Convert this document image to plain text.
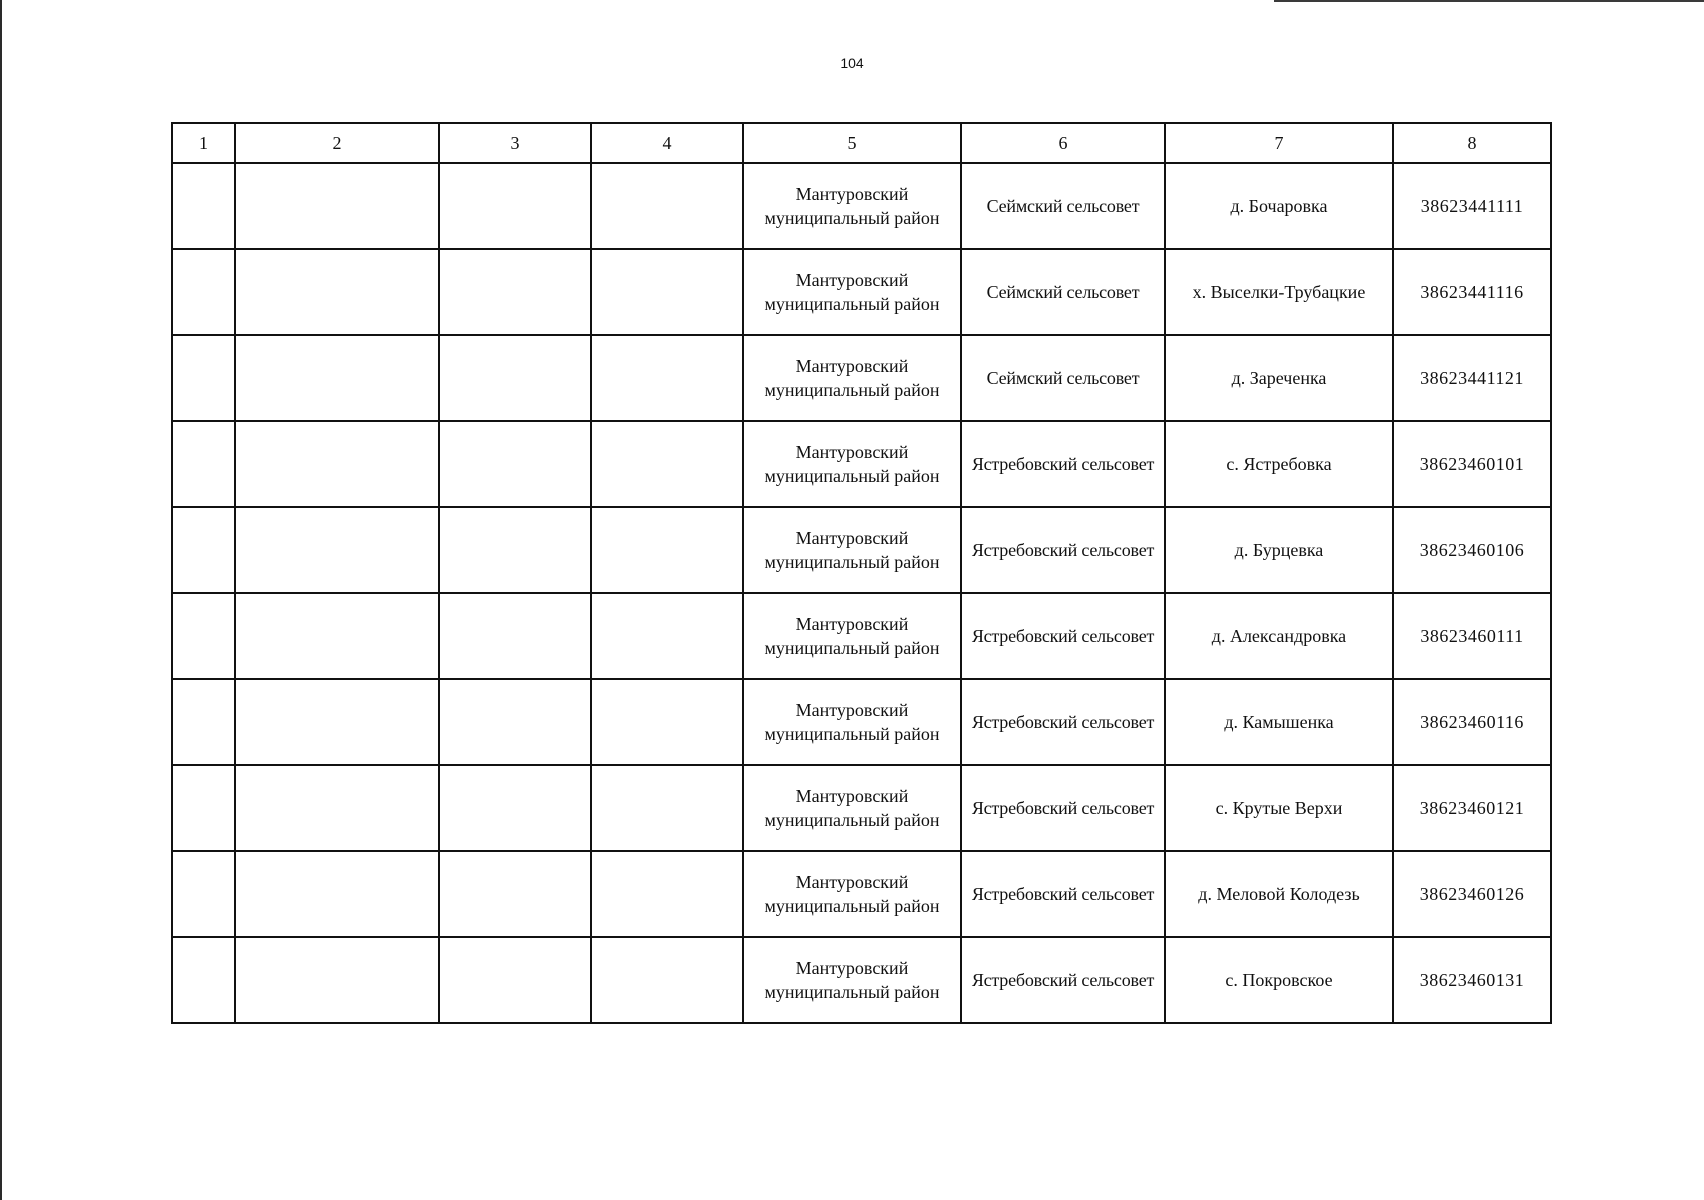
104
1	2	3	4	5	6	7	8

				Мантуровский
муниципальный район	Сеймский сельсовет	д. Бочаровка	38623441111

				Мантуровский
муниципальный район	Сеймский сельсовет	х. Выселки-Трубацкие	38623441116

				Мантуровский
муниципальный район	Сеймский сельсовет	д. Зареченка	38623441121

				Мантуровский
муниципальный район	Ястребовский сельсовет	с. Ястребовка	38623460101

				Мантуровский
муниципальный район	Ястребовский сельсовет	д. Бурцевка	38623460106

				Мантуровский
муниципальный район	Ястребовский сельсовет	д. Александровка	38623460111

				Мантуровский
муниципальный район	Ястребовский сельсовет	д. Камышенка	38623460116

				Мантуровский
муниципальный район	Ястребовский сельсовет	с. Крутые Верхи	38623460121

				Мантуровский
муниципальный район	Ястребовский сельсовет	д. Меловой Колодезь	38623460126

				Мантуровский
муниципальный район	Ястребовский сельсовет	с. Покровское	38623460131
